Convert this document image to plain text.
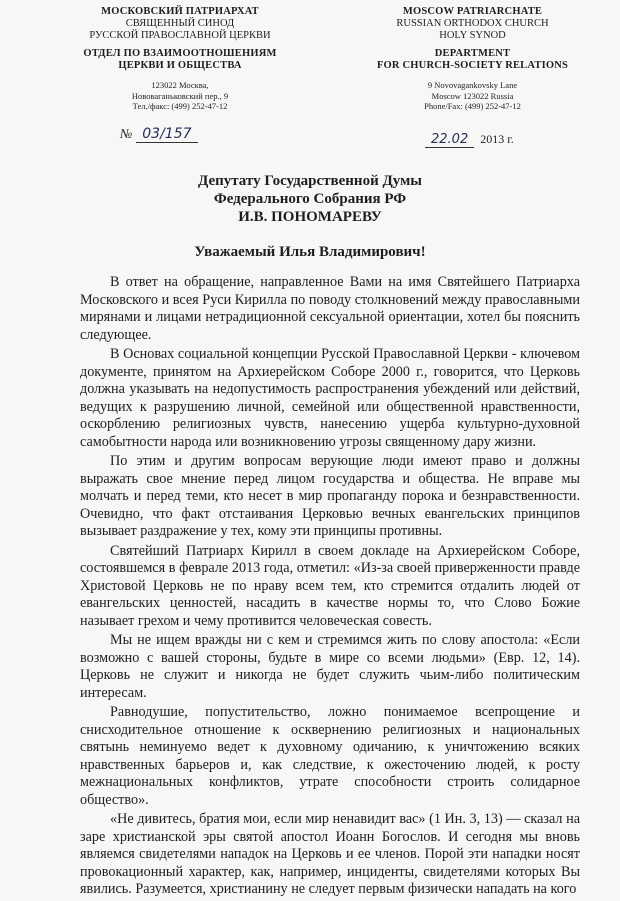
МОСКОВСКИЙ ПАТРИАРХАТ
СВЯЩЕННЫЙ СИНОД
РУССКОЙ ПРАВОСЛАВНОЙ ЦЕРКВИ
ОТДЕЛ ПО ВЗАИМООТНОШЕНИЯМ
ЦЕРКВИ И ОБЩЕСТВА
123022 Москва,
Нововаганьковский пер., 9
Тел./факс: (499) 252-47-12
MOSCOW PATRIARCHATE
RUSSIAN ORTHODOX CHURCH
HOLY SYNOD
DEPARTMENT
FOR CHURCH-SOCIETY RELATIONS
9 Novovagankovsky Lane
Moscow 123022 Russia
Phone/Fax: (499) 252-47-12
№ 03/157	22.02 2013 г.
Депутату Государственной Думы
Федерального Собрания РФ
И.В. ПОНОМАРЕВУ
Уважаемый Илья Владимирович!

В ответ на обращение, направленное Вами на имя Святейшего Патриарха Московского и всея Руси Кирилла по поводу столкновений между православными мирянами и лицами нетрадиционной сексуальной ориентации, хотел бы пояснить следующее.

В Основах социальной концепции Русской Православной Церкви - ключевом документе, принятом на Архиерейском Соборе 2000 г., говорится, что Церковь должна указывать на недопустимость распространения убеждений или действий, ведущих к разрушению личной, семейной или общественной нравственности, оскорблению религиозных чувств, нанесению ущерба культурно-духовной самобытности народа или возникновению угрозы священному дару жизни.

По этим и другим вопросам верующие люди имеют право и должны выражать свое мнение перед лицом государства и общества. Не вправе мы молчать и перед теми, кто несет в мир пропаганду порока и безнравственности. Очевидно, что факт отстаивания Церковью вечных евангельских принципов вызывает раздражение у тех, кому эти принципы противны.

Святейший Патриарх Кирилл в своем докладе на Архиерейском Соборе, состоявшемся в феврале 2013 года, отметил: «Из-за своей приверженности правде Христовой Церковь не по нраву всем тем, кто стремится отдалить людей от евангельских ценностей, насадить в качестве нормы то, что Слово Божие называет грехом и чему противится человеческая совесть.

Мы не ищем вражды ни с кем и стремимся жить по слову апостола: «Если возможно с вашей стороны, будьте в мире со всеми людьми» (Евр. 12, 14). Церковь не служит и никогда не будет служить чьим-либо политическим интересам.

Равнодушие, попустительство, ложно понимаемое всепрощение и снисходительное отношение к осквернению религиозных и национальных святынь неминуемо ведет к духовному одичанию, к уничтожению всяких нравственных барьеров и, как следствие, к ожесточению людей, к росту межнациональных конфликтов, утрате способности строить солидарное общество».

«Не дивитесь, братия мои, если мир ненавидит вас» (1 Ин. 3, 13) — сказал на заре христианской эры святой апостол Иоанн Богослов. И сегодня мы вновь являемся свидетелями нападок на Церковь и ее членов. Порой эти нападки носят провокационный характер, как, например, инциденты, свидетелями которых Вы явились. Разумеется, христианину не следует первым физически нападать на кого
